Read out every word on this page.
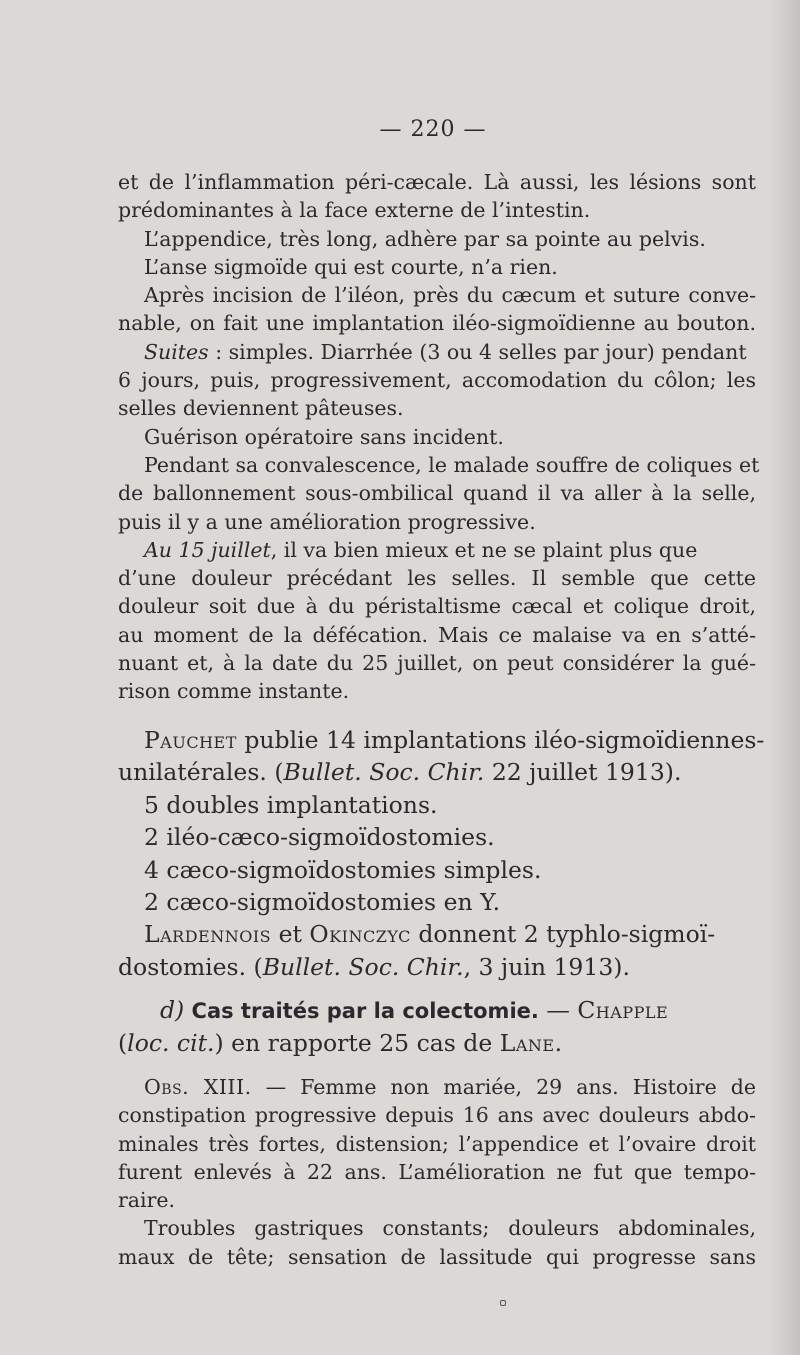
— 220 —
et de l’inflammation péri-cæcale. Là aussi, les lésions sont
prédominantes à la face externe de l’intestin.
L’appendice, très long, adhère par sa pointe au pelvis.
L’anse sigmoïde qui est courte, n’a rien.
Après incision de l’iléon, près du cæcum et suture conve-
nable, on fait une implantation iléo-sigmoïdienne au bouton.
Suites : simples. Diarrhée (3 ou 4 selles par jour) pendant
6 jours, puis, progressivement, accomodation du côlon; les
selles deviennent pâteuses.
Guérison opératoire sans incident.
Pendant sa convalescence, le malade souffre de coliques et
de ballonnement sous-ombilical quand il va aller à la selle,
puis il y a une amélioration progressive.
Au 15 juillet, il va bien mieux et ne se plaint plus que
d’une douleur précédant les selles. Il semble que cette
douleur soit due à du péristaltisme cæcal et colique droit,
au moment de la défécation. Mais ce malaise va en s’atté-
nuant et, à la date du 25 juillet, on peut considérer la gué-
rison comme instante.
Pauchet publie 14 implantations iléo-sigmoïdiennes-
unilatérales. (Bullet. Soc. Chir. 22 juillet 1913).
5 doubles implantations.
2 iléo-cæco-sigmoïdostomies.
4 cæco-sigmoïdostomies simples.
2 cæco-sigmoïdostomies en Y.
Lardennois et Okinczyc donnent 2 typhlo-sigmoï-
dostomies. (Bullet. Soc. Chir., 3 juin 1913).
d) Cas traités par la colectomie. — Chapple
(loc. cit.) en rapporte 25 cas de Lane.
Obs. XIII. — Femme non mariée, 29 ans. Histoire de
constipation progressive depuis 16 ans avec douleurs abdo-
minales très fortes, distension; l’appendice et l’ovaire droit
furent enlevés à 22 ans. L’amélioration ne fut que tempo-
raire.
Troubles gastriques constants; douleurs abdominales,
maux de tête; sensation de lassitude qui progresse sans
